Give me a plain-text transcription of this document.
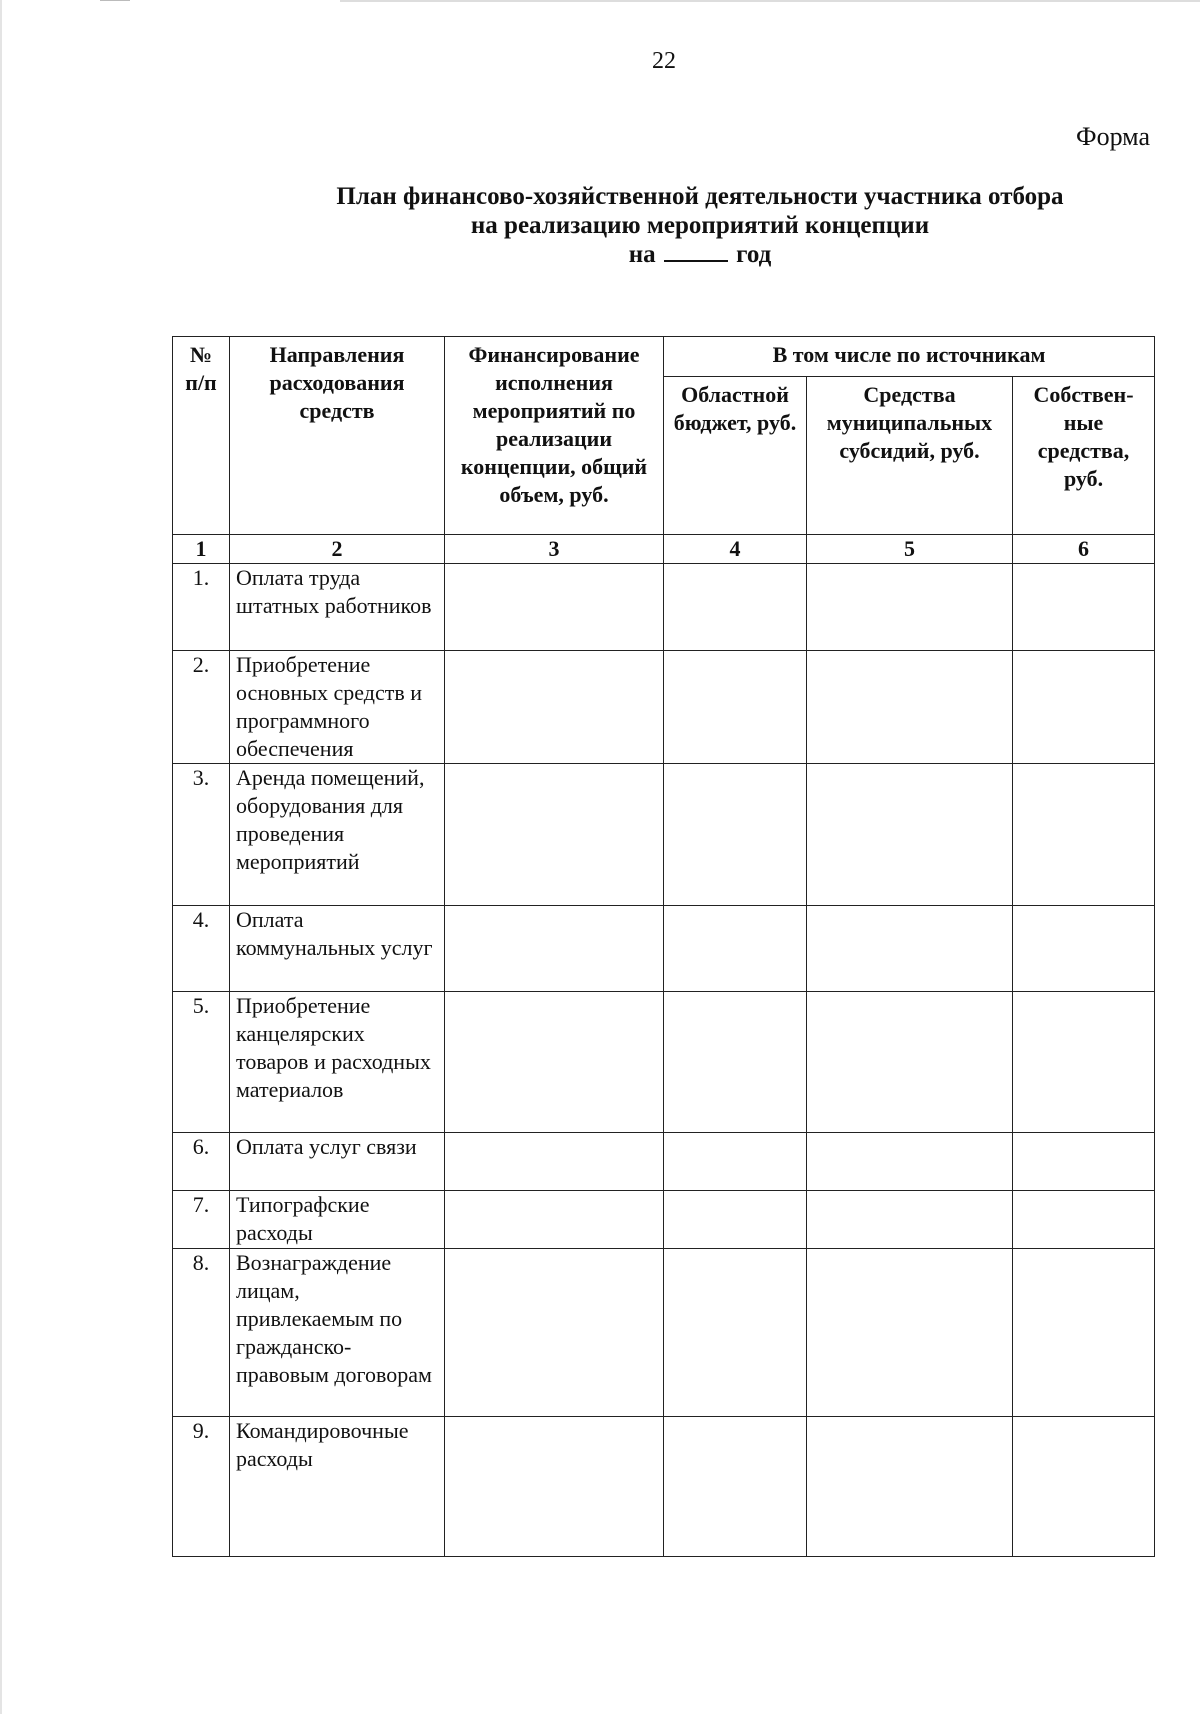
22
Форма
План финансово-хозяйственной деятельности участника отбора
на реализацию мероприятий концепции
на	год
№ п/п	Направления расходования средств	Финансирование исполнения мероприятий по реализации концепции, общий объем, руб.	В том числе по источникам		
			Областной бюджет, руб.	Средства муниципальных субсидий, руб.	Собствен-ные средства, руб.
1	2	3	4	5	6
1.	Оплата труда штатных работников				
2.	Приобретение основных средств и программного обеспечения				
3.	Аренда помещений, оборудования для проведения мероприятий				
4.	Оплата коммунальных услуг				
5.	Приобретение канцелярских товаров и расходных материалов				
6.	Оплата услуг связи				
7.	Типографские расходы				
8.	Вознаграждение лицам, привлекаемым по гражданско-правовым договорам				
9.	Командировочные расходы				
